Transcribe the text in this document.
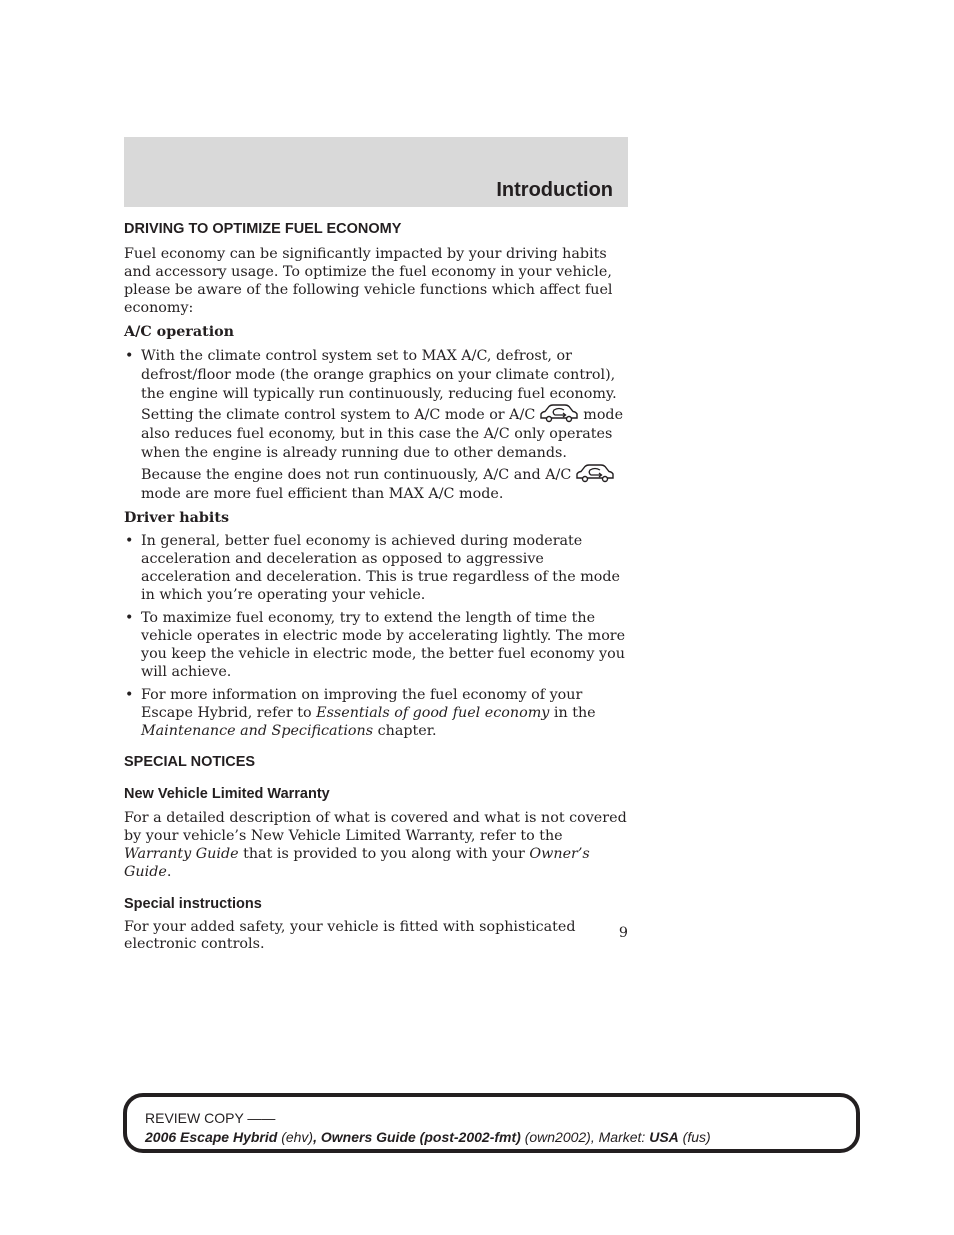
Introduction
DRIVING TO OPTIMIZE FUEL ECONOMY

Fuel economy can be significantly impacted by your driving habits and accessory usage. To optimize the fuel economy in your vehicle, please be aware of the following vehicle functions which affect fuel economy:

A/C operation

• With the climate control system set to MAX A/C, defrost, or defrost/floor mode (the orange graphics on your climate control), the engine will typically run continuously, reducing fuel economy. Setting the climate control system to A/C mode or A/C	mode also reduces fuel economy, but in this case the A/C only operates when the engine is already running due to other demands. Because the engine does not run continuously, A/C and A/C
mode are more fuel efficient than MAX A/C mode.

Driver habits

• In general, better fuel economy is achieved during moderate acceleration and deceleration as opposed to aggressive acceleration and deceleration. This is true regardless of the mode in which you’re operating your vehicle.
• To maximize fuel economy, try to extend the length of time the vehicle operates in electric mode by accelerating lightly. The more you keep the vehicle in electric mode, the better fuel economy you will achieve.
• For more information on improving the fuel economy of your Escape Hybrid, refer to Essentials of good fuel economy in the Maintenance and Specifications chapter.
SPECIAL NOTICES
New Vehicle Limited Warranty

For a detailed description of what is covered and what is not covered by your vehicle’s New Vehicle Limited Warranty, refer to the Warranty Guide that is provided to you along with your Owner’s Guide.

Special instructions

For your added safety, your vehicle is fitted with sophisticated electronic controls.

9
REVIEW COPY ——
2006 Escape Hybrid (ehv), Owners Guide (post-2002-fmt) (own2002), Market: USA (fus)
